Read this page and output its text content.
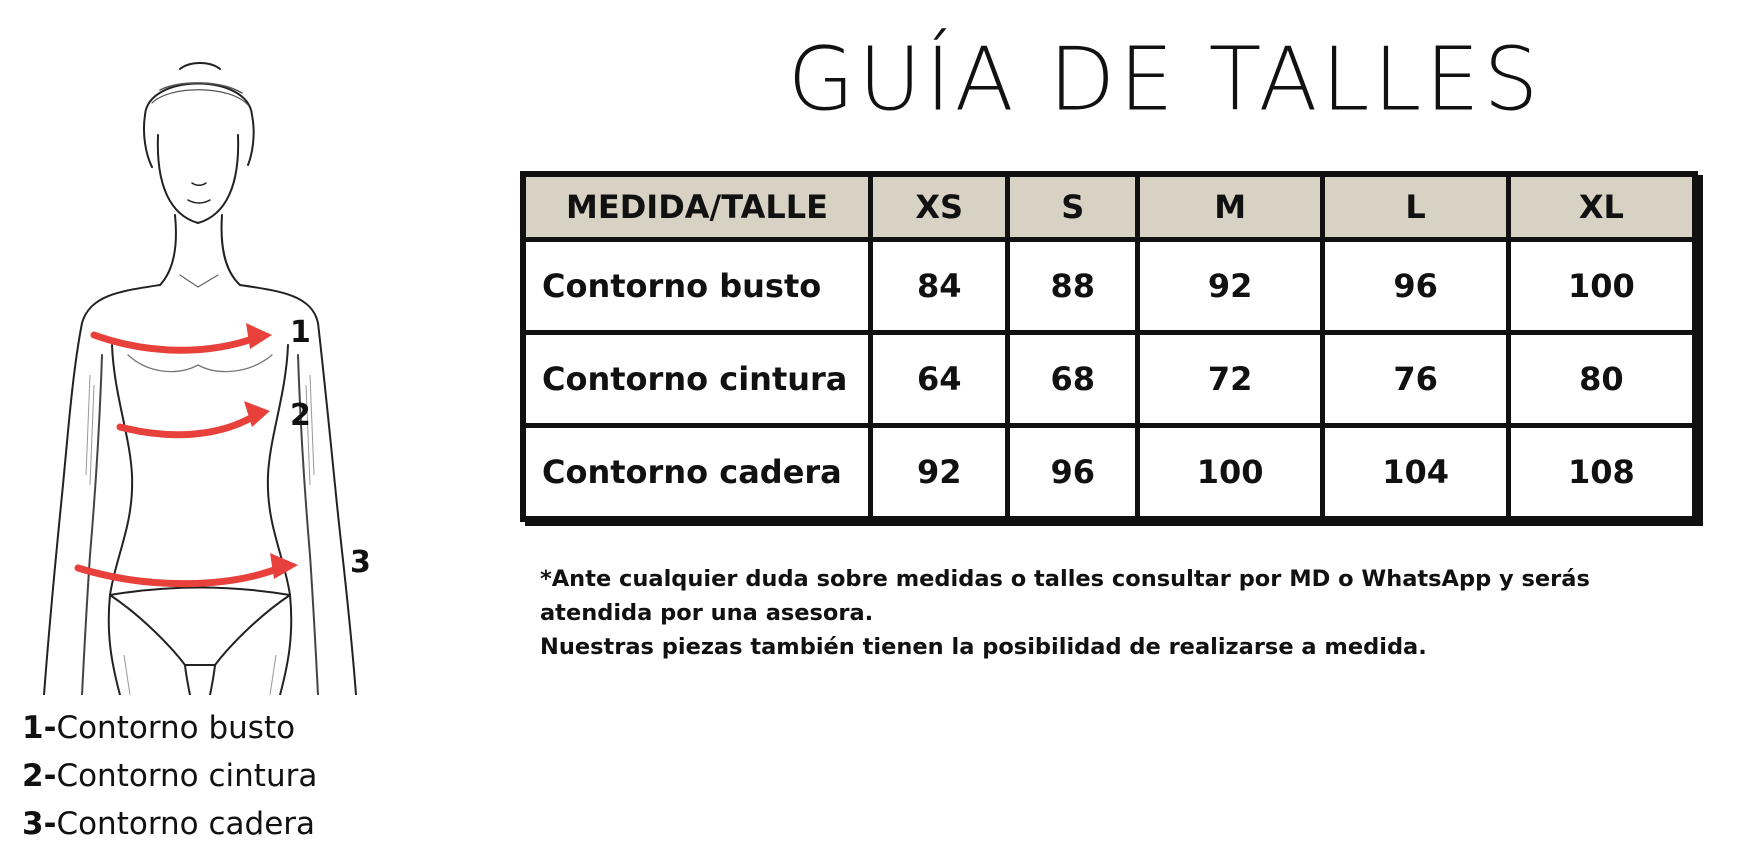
1
2
3
1-Contorno busto
2-Contorno cintura
3-Contorno cadera
GUÍA DE TALLES
MEDIDA/TALLE	XS	S	M	L	XL
Contorno busto	84	88	92	96	100
Contorno cintura	64	68	72	76	80
Contorno cadera	92	96	100	104	108

*Ante cualquier duda sobre medidas o talles consultar por MD o WhatsApp y serás atendida por una asesora.

Nuestras piezas también tienen la posibilidad de realizarse a medida.
